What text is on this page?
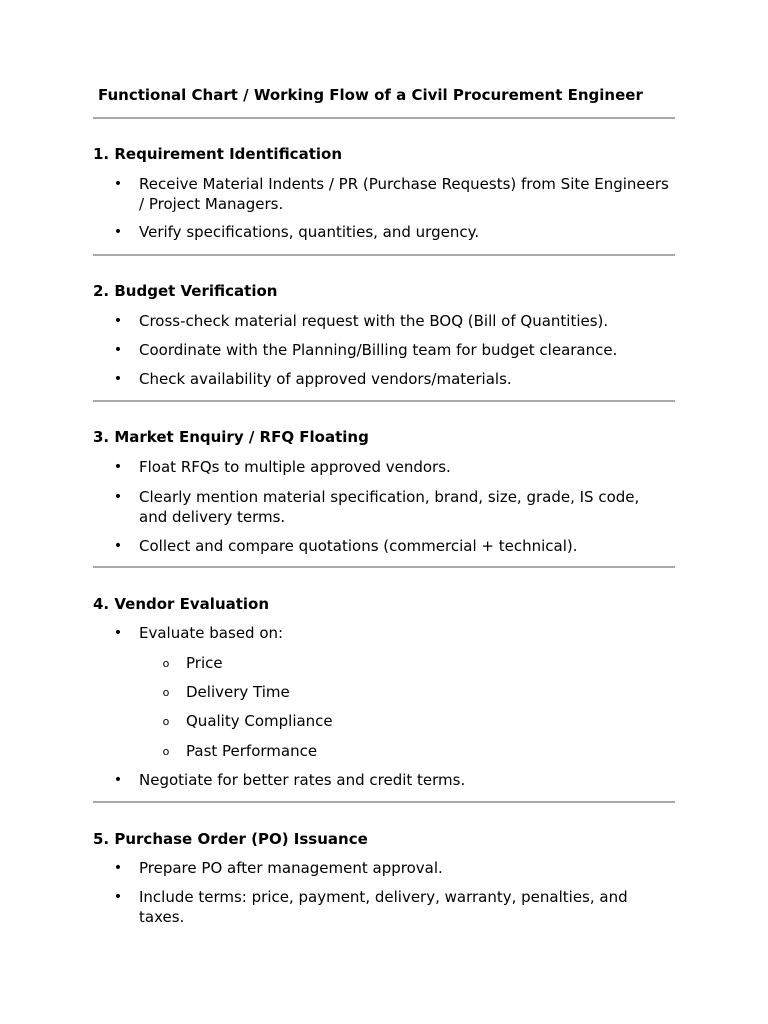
Functional Chart / Working Flow of a Civil Procurement Engineer
1. Requirement Identification
• Receive Material Indents / PR (Purchase Requests) from Site Engineers / Project Managers.
• Verify specifications, quantities, and urgency.
2. Budget Verification
• Cross-check material request with the BOQ (Bill of Quantities).
• Coordinate with the Planning/Billing team for budget clearance.
• Check availability of approved vendors/materials.
3. Market Enquiry / RFQ Floating
• Float RFQs to multiple approved vendors.
• Clearly mention material specification, brand, size, grade, IS code, and delivery terms.
• Collect and compare quotations (commercial + technical).
4. Vendor Evaluation
• Evaluate based on:
o Price
o Delivery Time
o Quality Compliance
o Past Performance
• Negotiate for better rates and credit terms.
5. Purchase Order (PO) Issuance
• Prepare PO after management approval.
• Include terms: price, payment, delivery, warranty, penalties, and taxes.
